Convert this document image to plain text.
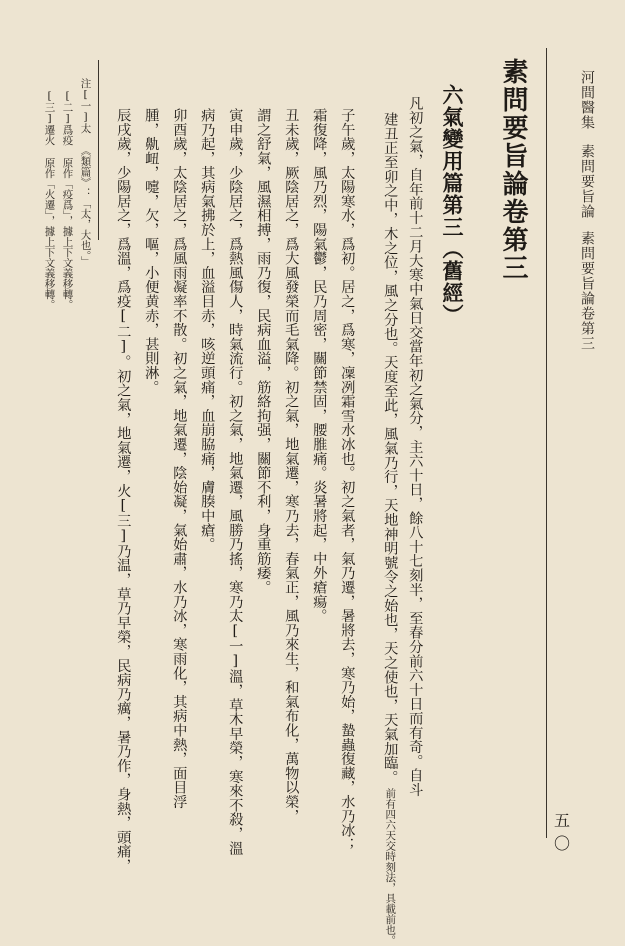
河間醫集素問要旨論素問要旨論卷第三
素問要旨論卷第三
六氣變用篇第三（舊經）
凡初之氣，自年前十二月大寒中氣日交當年初之氣分，主六十日，餘八十七刻半，至春分前六十日而有奇。自斗
建丑正至卯之中，木之位，風之分也。天度至此，風氣乃行，天地神明號令之始也，天之使也，天氣加臨。前有四六天交時刻法，具載前也。
子午歲，太陽寒水，爲初。居之，爲寒，凜冽霜雪水冰也。初之氣者，氣乃遷，暑將去，寒乃始，蟄蟲復藏，水乃冰；
霜復降，風乃烈，陽氣鬱，民乃周密，關節禁固，腰脽痛。炎暑將起，中外瘡瘍。
丑未歲，厥陰居之，爲大風發榮而毛氣降。初之氣，地氣遷，寒乃去，春氣正，風乃來生，和氣布化，萬物以榮，
謂之舒氣，風濕相搏，雨乃復，民病血溢，筋絡拘强，關節不利，身重筋痿。
寅申歲，少陰居之，爲熱風傷人，時氣流行。初之氣，地氣遷，風勝乃搖，寒乃太[一]溫，草木早榮，寒來不殺，溫
病乃起，其病氣拂於上，血溢目赤，咳逆頭痛，血崩脇痛，膚腠中瘡。
卯酉歲，太陰居之，爲風雨凝率不散。初之氣，地氣遷，陰始凝，氣始肅，水乃冰，寒雨化，其病中熱，面目浮
腫，鼽衄，嚏，欠，嘔，小便黄赤，甚則淋。
辰戌歲，少陽居之，爲溫，爲疫[二]。初之氣，地氣遷，火[三]乃温，草乃早榮，民病乃癘，暑乃作，身熱，頭痛，
注[一]太 《類篇》：「太，大也。」
[二]爲疫 原作「疫爲」，據上下文義移轉。
[三]遷火 原作「火遷」，據上下文義移轉。
五〇
